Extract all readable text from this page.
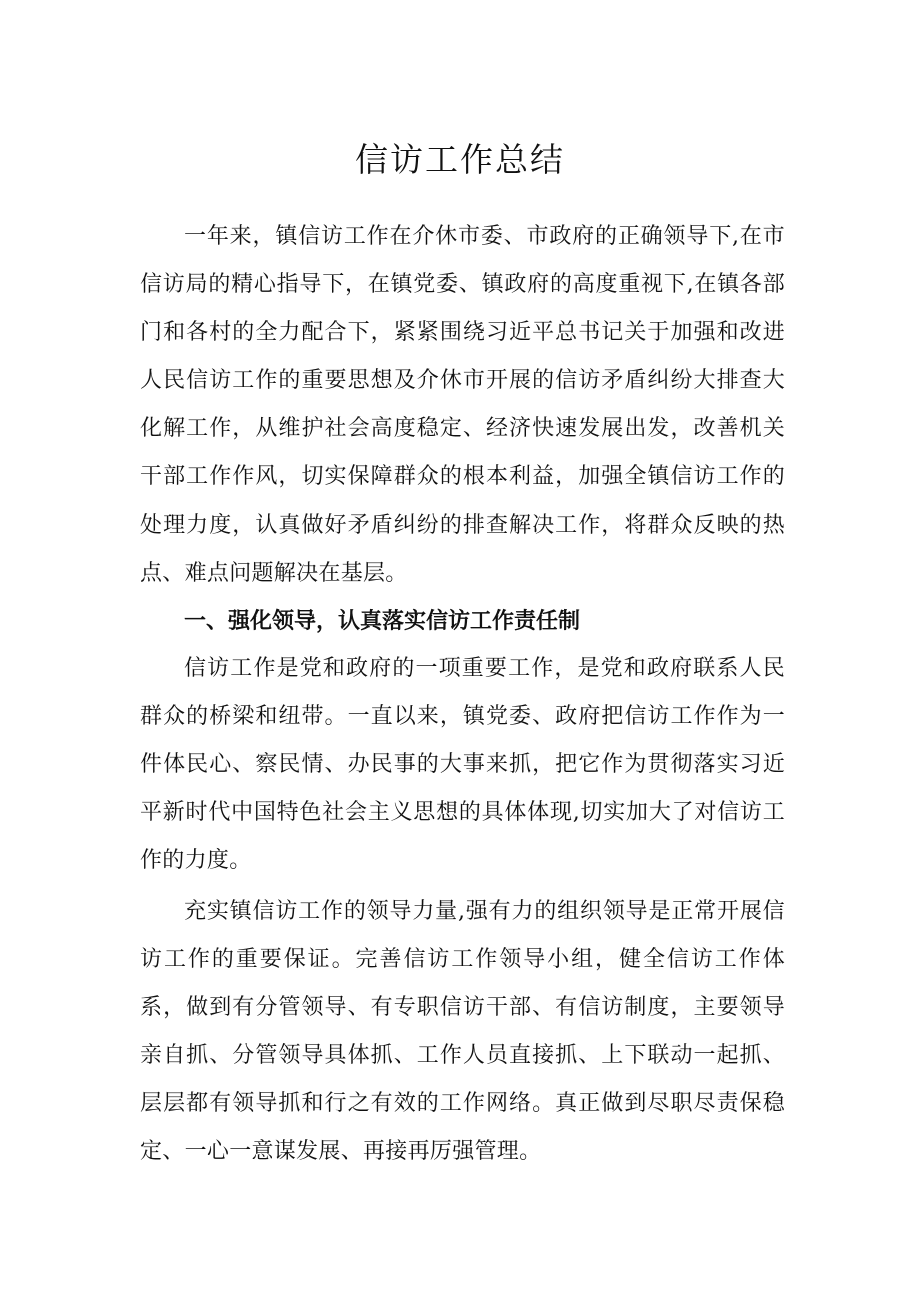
信访工作总结

一年来，镇信访工作在介休市委、市政府的正确领导下,在市信访局的精心指导下，在镇党委、镇政府的高度重视下,在镇各部门和各村的全力配合下，紧紧围绕习近平总书记关于加强和改进人民信访工作的重要思想及介休市开展的信访矛盾纠纷大排查大化解工作，从维护社会高度稳定、经济快速发展出发，改善机关干部工作作风，切实保障群众的根本利益，加强全镇信访工作的处理力度，认真做好矛盾纠纷的排查解决工作，将群众反映的热点、难点问题解决在基层。

一、强化领导，认真落实信访工作责任制

信访工作是党和政府的一项重要工作，是党和政府联系人民群众的桥梁和纽带。一直以来，镇党委、政府把信访工作作为一件体民心、察民情、办民事的大事来抓，把它作为贯彻落实习近平新时代中国特色社会主义思想的具体体现,切实加大了对信访工作的力度。

充实镇信访工作的领导力量,强有力的组织领导是正常开展信访工作的重要保证。完善信访工作领导小组，健全信访工作体系，做到有分管领导、有专职信访干部、有信访制度，主要领导亲自抓、分管领导具体抓、工作人员直接抓、上下联动一起抓、层层都有领导抓和行之有效的工作网络。真正做到尽职尽责保稳定、一心一意谋发展、再接再厉强管理。
